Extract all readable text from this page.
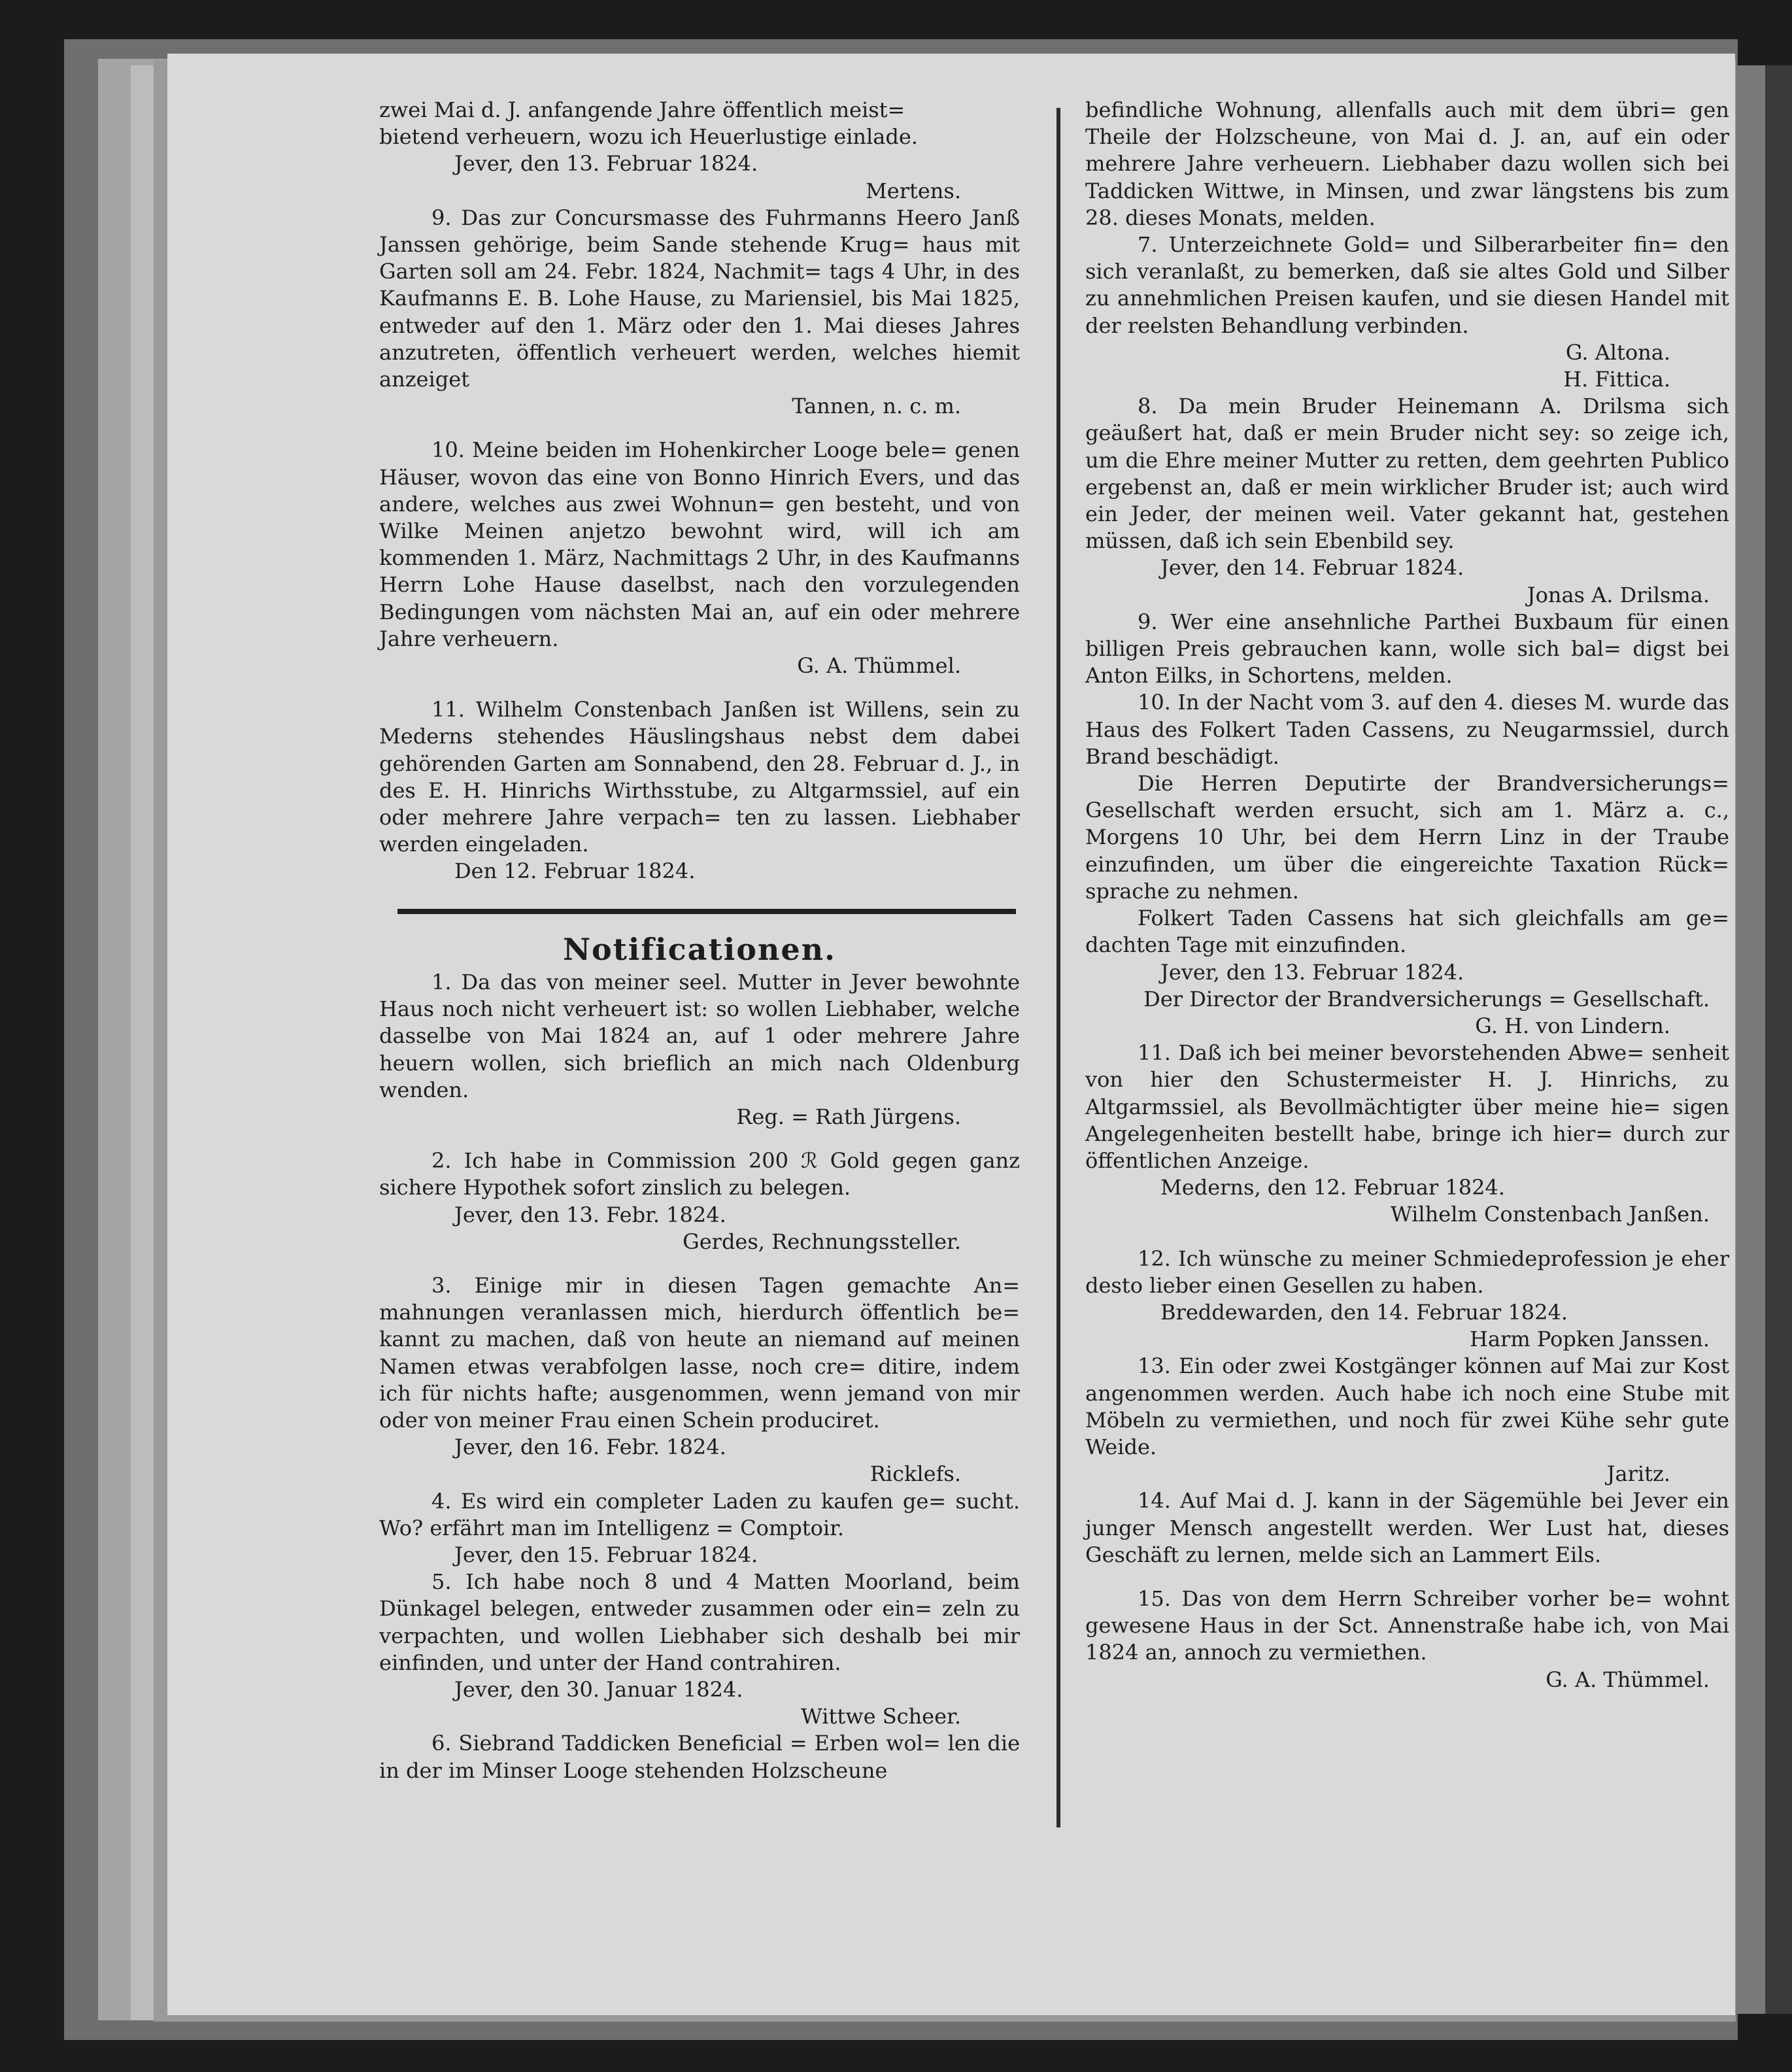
zwei Mai d. J. anfangende Jahre öffentlich meist=

bietend verheuern, wozu ich Heuerlustige einlade.

Jever, den 13. Februar 1824.

Mertens.

9. Das zur Concursmasse des Fuhrmanns Heero Janß Janssen gehörige, beim Sande stehende Krug= haus mit Garten soll am 24. Febr. 1824, Nachmit= tags 4 Uhr, in des Kaufmanns E. B. Lohe Hause, zu Mariensiel, bis Mai 1825, entweder auf den 1. März oder den 1. Mai dieses Jahres anzutreten, öffentlich verheuert werden, welches hiemit anzeiget

Tannen, n. c. m.

10. Meine beiden im Hohenkircher Looge bele= genen Häuser, wovon das eine von Bonno Hinrich Evers, und das andere, welches aus zwei Wohnun= gen besteht, und von Wilke Meinen anjetzo bewohnt wird, will ich am kommenden 1. März, Nachmittags 2 Uhr, in des Kaufmanns Herrn Lohe Hause daselbst, nach den vorzulegenden Bedingungen vom nächsten Mai an, auf ein oder mehrere Jahre verheuern.

G. A. Thümmel.

11. Wilhelm Constenbach Janßen ist Willens, sein zu Mederns stehendes Häuslingshaus nebst dem dabei gehörenden Garten am Sonnabend, den 28. Februar d. J., in des E. H. Hinrichs Wirthsstube, zu Altgarmssiel, auf ein oder mehrere Jahre verpach= ten zu lassen. Liebhaber werden eingeladen.

Den 12. Februar 1824.

Notificationen.

1. Da das von meiner seel. Mutter in Jever bewohnte Haus noch nicht verheuert ist: so wollen Liebhaber, welche dasselbe von Mai 1824 an, auf 1 oder mehrere Jahre heuern wollen, sich brieflich an mich nach Oldenburg wenden.

Reg. = Rath Jürgens.

2. Ich habe in Commission 200 ℛ Gold gegen ganz sichere Hypothek sofort zinslich zu belegen.

Jever, den 13. Febr. 1824.

Gerdes, Rechnungssteller.

3. Einige mir in diesen Tagen gemachte An= mahnungen veranlassen mich, hierdurch öffentlich be= kannt zu machen, daß von heute an niemand auf meinen Namen etwas verabfolgen lasse, noch cre= ditire, indem ich für nichts hafte; ausgenommen, wenn jemand von mir oder von meiner Frau einen Schein produciret.

Jever, den 16. Febr. 1824.

Ricklefs.

4. Es wird ein completer Laden zu kaufen ge= sucht. Wo? erfährt man im Intelligenz = Comptoir.

Jever, den 15. Februar 1824.

5. Ich habe noch 8 und 4 Matten Moorland, beim Dünkagel belegen, entweder zusammen oder ein= zeln zu verpachten, und wollen Liebhaber sich deshalb bei mir einfinden, und unter der Hand contrahiren.

Jever, den 30. Januar 1824.

Wittwe Scheer.

6. Siebrand Taddicken Beneficial = Erben wol= len die in der im Minser Looge stehenden Holzscheune

befindliche Wohnung, allenfalls auch mit dem übri= gen Theile der Holzscheune, von Mai d. J. an, auf ein oder mehrere Jahre verheuern. Liebhaber dazu wollen sich bei Taddicken Wittwe, in Minsen, und zwar längstens bis zum 28. dieses Monats, melden.

7. Unterzeichnete Gold= und Silberarbeiter fin= den sich veranlaßt, zu bemerken, daß sie altes Gold und Silber zu annehmlichen Preisen kaufen, und sie diesen Handel mit der reelsten Behandlung verbinden.

G. Altona.

H. Fittica.

8. Da mein Bruder Heinemann A. Drilsma sich geäußert hat, daß er mein Bruder nicht sey: so zeige ich, um die Ehre meiner Mutter zu retten, dem geehrten Publico ergebenst an, daß er mein wirklicher Bruder ist; auch wird ein Jeder, der meinen weil. Vater gekannt hat, gestehen müssen, daß ich sein Ebenbild sey.

Jever, den 14. Februar 1824.

Jonas A. Drilsma.

9. Wer eine ansehnliche Parthei Buxbaum für einen billigen Preis gebrauchen kann, wolle sich bal= digst bei Anton Eilks, in Schortens, melden.

10. In der Nacht vom 3. auf den 4. dieses M. wurde das Haus des Folkert Taden Cassens, zu Neugarmssiel, durch Brand beschädigt.

Die Herren Deputirte der Brandversicherungs= Gesellschaft werden ersucht, sich am 1. März a. c., Morgens 10 Uhr, bei dem Herrn Linz in der Traube einzufinden, um über die eingereichte Taxation Rück= sprache zu nehmen.

Folkert Taden Cassens hat sich gleichfalls am ge= dachten Tage mit einzufinden.

Jever, den 13. Februar 1824.

Der Director der Brandversicherungs = Gesellschaft.

G. H. von Lindern.

11. Daß ich bei meiner bevorstehenden Abwe= senheit von hier den Schustermeister H. J. Hinrichs, zu Altgarmssiel, als Bevollmächtigter über meine hie= sigen Angelegenheiten bestellt habe, bringe ich hier= durch zur öffentlichen Anzeige.

Mederns, den 12. Februar 1824.

Wilhelm Constenbach Janßen.

12. Ich wünsche zu meiner Schmiedeprofession je eher desto lieber einen Gesellen zu haben.

Breddewarden, den 14. Februar 1824.

Harm Popken Janssen.

13. Ein oder zwei Kostgänger können auf Mai zur Kost angenommen werden. Auch habe ich noch eine Stube mit Möbeln zu vermiethen, und noch für zwei Kühe sehr gute Weide.

Jaritz.

14. Auf Mai d. J. kann in der Sägemühle bei Jever ein junger Mensch angestellt werden. Wer Lust hat, dieses Geschäft zu lernen, melde sich an Lammert Eils.

15. Das von dem Herrn Schreiber vorher be= wohnt gewesene Haus in der Sct. Annenstraße habe ich, von Mai 1824 an, annoch zu vermiethen.

G. A. Thümmel.
